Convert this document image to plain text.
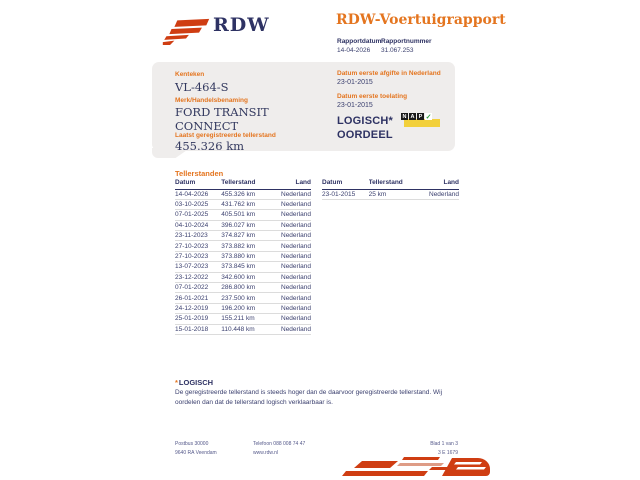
RDW	RDW-Voertuigrapport
Rapportdatum
14-04-2026
Rapportnummer
31.067.253
Kenteken
VL-464-S
Merk/Handelsbenaming
FORD TRANSIT CONNECT
Laatst geregistreerde tellerstand
455.326 km
Datum eerste afgifte in Nederland
23-01-2015
Datum eerste toelating
23-01-2015
LOGISCH*
OORDEEL
N A P ✓
Tellerstanden
Datum	Tellerstand	Land
14-04-2026	455.326 km	Nederland
03-10-2025	431.762 km	Nederland
07-01-2025	405.501 km	Nederland
04-10-2024	396.027 km	Nederland
23-11-2023	374.827 km	Nederland
27-10-2023	373.882 km	Nederland
27-10-2023	373.880 km	Nederland
13-07-2023	373.845 km	Nederland
23-12-2022	342.600 km	Nederland
07-01-2022	286.800 km	Nederland
26-01-2021	237.500 km	Nederland
24-12-2019	196.200 km	Nederland
25-01-2019	155.211 km	Nederland
15-01-2018	110.448 km	Nederland
Datum	Tellerstand	Land
23-01-2015	25 km	Nederland
*LOGISCH
De geregistreerde tellerstand is steeds hoger dan de daarvoor geregistreerde tellerstand. Wij oordelen dan dat de tellerstand logisch verklaarbaar is.
Postbus 30000
9640 RA Veendam
Telefoon 088 008 74 47
www.rdw.nl
Blad 1 van 3
3 E 1679
